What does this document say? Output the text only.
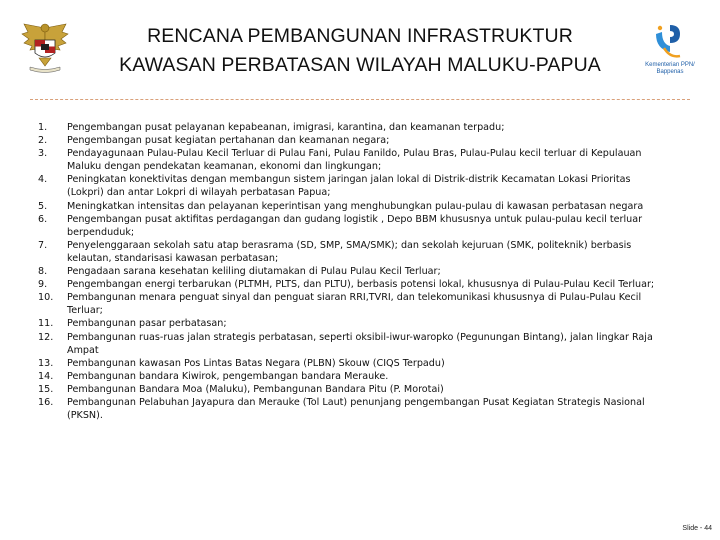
RENCANA PEMBANGUNAN INFRASTRUKTUR
KAWASAN PERBATASAN WILAYAH MALUKU-PAPUA	Kementerian PPN/
Bappenas
1.	Pengembangan pusat pelayanan kepabeanan, imigrasi, karantina, dan keamanan terpadu;
2.	Pengembangan pusat kegiatan pertahanan dan keamanan negara;
3.	Pendayagunaan Pulau-Pulau Kecil Terluar di Pulau Fani, Pulau Fanildo, Pulau Bras, Pulau-Pulau kecil terluar di Kepulauan Maluku dengan pendekatan keamanan, ekonomi dan lingkungan;
4.	Peningkatan konektivitas dengan membangun sistem jaringan jalan lokal di Distrik-distrik Kecamatan Lokasi Prioritas (Lokpri) dan antar Lokpri di wilayah perbatasan Papua;
5.	Meningkatkan intensitas dan pelayanan keperintisan yang menghubungkan pulau-pulau di kawasan perbatasan negara
6.	Pengembangan pusat aktifitas perdagangan dan gudang logistik , Depo BBM khususnya untuk pulau-pulau kecil terluar berpenduduk;
7.	Penyelenggaraan sekolah satu atap berasrama (SD, SMP, SMA/SMK); dan sekolah kejuruan (SMK, politeknik) berbasis kelautan, standarisasi kawasan perbatasan;
8.	Pengadaan sarana kesehatan keliling diutamakan di Pulau Pulau Kecil Terluar;
9.	Pengembangan energi terbarukan (PLTMH, PLTS, dan PLTU), berbasis potensi lokal, khususnya di Pulau-Pulau Kecil Terluar;
10.	Pembangunan menara penguat sinyal dan penguat siaran RRI,TVRI, dan telekomunikasi khususnya di Pulau-Pulau Kecil Terluar;
11.	Pembangunan pasar perbatasan;
12.	Pembangunan ruas-ruas jalan strategis perbatasan, seperti oksibil-iwur-waropko (Pegunungan Bintang), jalan lingkar Raja Ampat
13.	Pembangunan kawasan Pos Lintas Batas Negara (PLBN) Skouw (CIQS Terpadu)
14.	Pembangunan bandara Kiwirok, pengembangan bandara Merauke.
15.	Pembangunan Bandara Moa (Maluku), Pembangunan Bandara Pitu (P. Morotai)
16.	Pembangunan Pelabuhan Jayapura dan Merauke (Tol Laut) penunjang pengembangan Pusat Kegiatan Strategis Nasional (PKSN).
Slide - 44
